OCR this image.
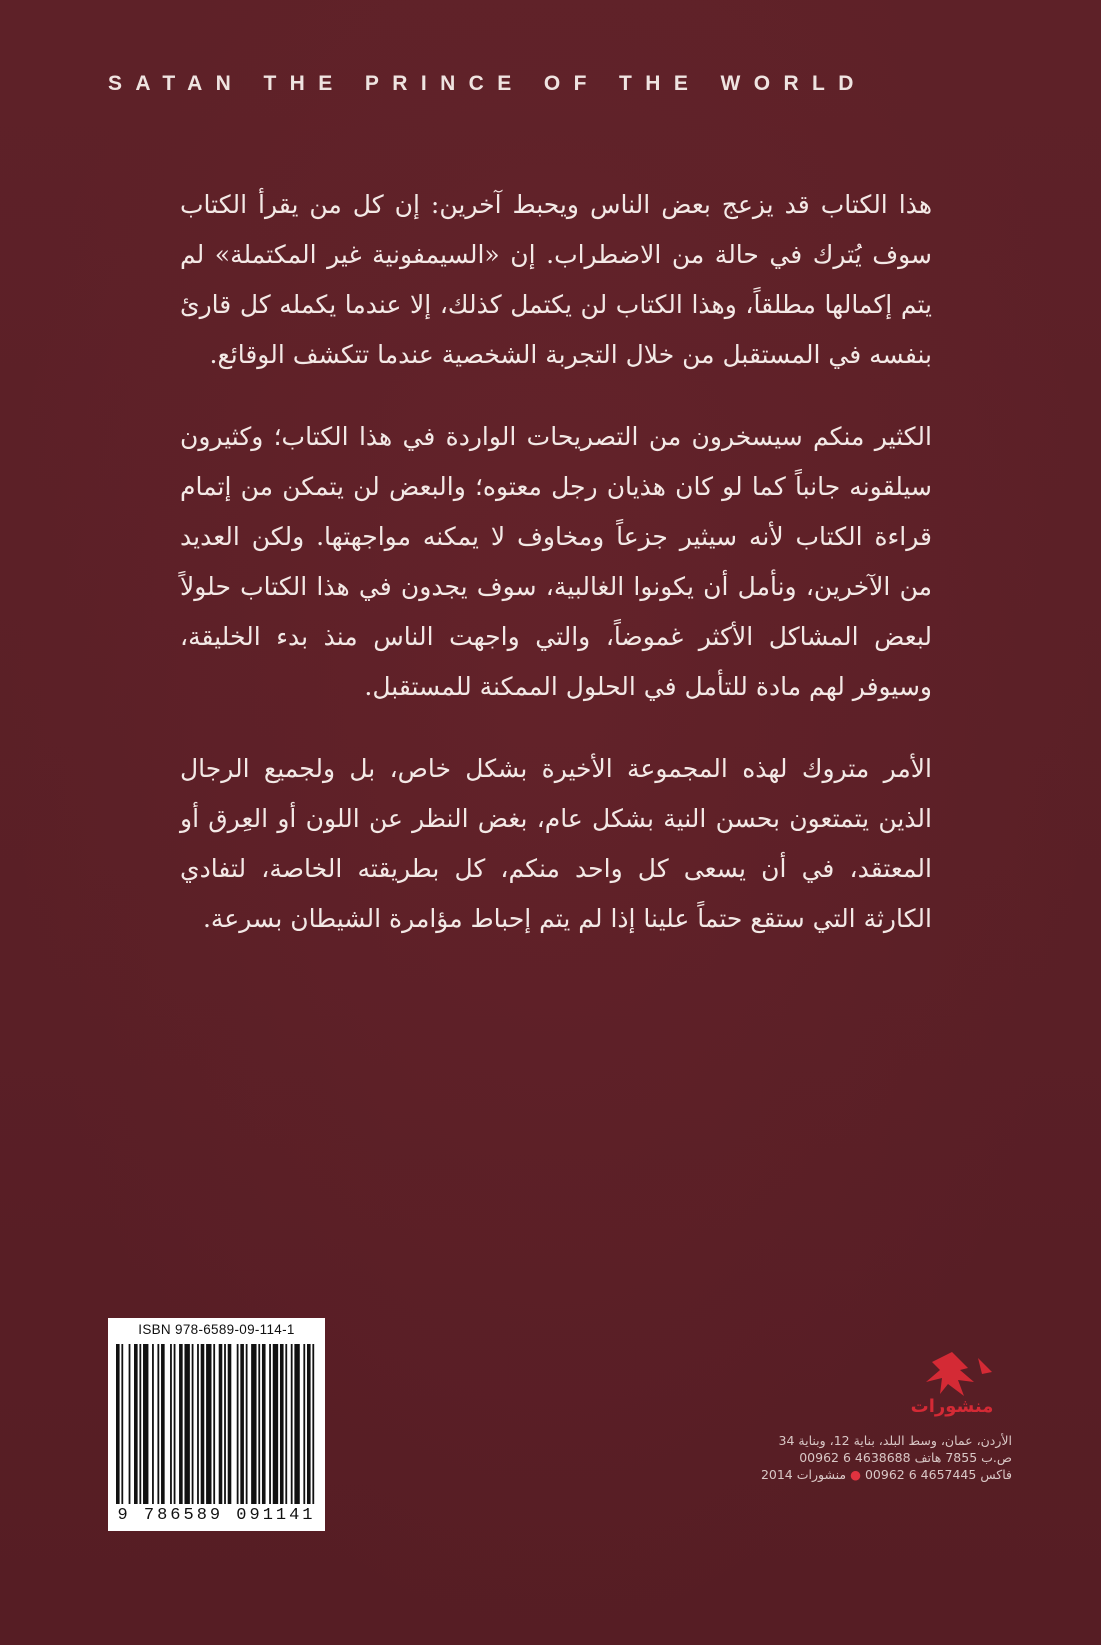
SATAN THE PRINCE OF THE WORLD

هذا الكتاب قد يزعج بعض الناس ويحبط آخرين: إن كل من يقرأ الكتاب سوف يُترك في حالة من الاضطراب. إن «السيمفونية غير المكتملة» لم يتم إكمالها مطلقاً، وهذا الكتاب لن يكتمل كذلك، إلا عندما يكمله كل قارئ بنفسه في المستقبل من خلال التجربة الشخصية عندما تتكشف الوقائع.

الكثير منكم سيسخرون من التصريحات الواردة في هذا الكتاب؛ وكثيرون سيلقونه جانباً كما لو كان هذيان رجل معتوه؛ والبعض لن يتمكن من إتمام قراءة الكتاب لأنه سيثير جزعاً ومخاوف لا يمكنه مواجهتها. ولكن العديد من الآخرين، ونأمل أن يكونوا الغالبية، سوف يجدون في هذا الكتاب حلولاً لبعض المشاكل الأكثر غموضاً، والتي واجهت الناس منذ بدء الخليقة، وسيوفر لهم مادة للتأمل في الحلول الممكنة للمستقبل.

الأمر متروك لهذه المجموعة الأخيرة بشكل خاص، بل ولجميع الرجال الذين يتمتعون بحسن النية بشكل عام، بغض النظر عن اللون أو العِرق أو المعتقد، في أن يسعى كل واحد منكم، كل بطريقته الخاصة، لتفادي الكارثة التي ستقع حتماً علينا إذا لم يتم إحباط مؤامرة الشيطان بسرعة.

ISBN 978-6589-09-114-1
9 786589 091141
منشورات
الأردن، عمان، وسط البلد، بناية 12، وبناية 34
ص.ب 7855 هاتف 4638688 6 00962
فاكس 4657445 6 00962 ● منشورات 2014
